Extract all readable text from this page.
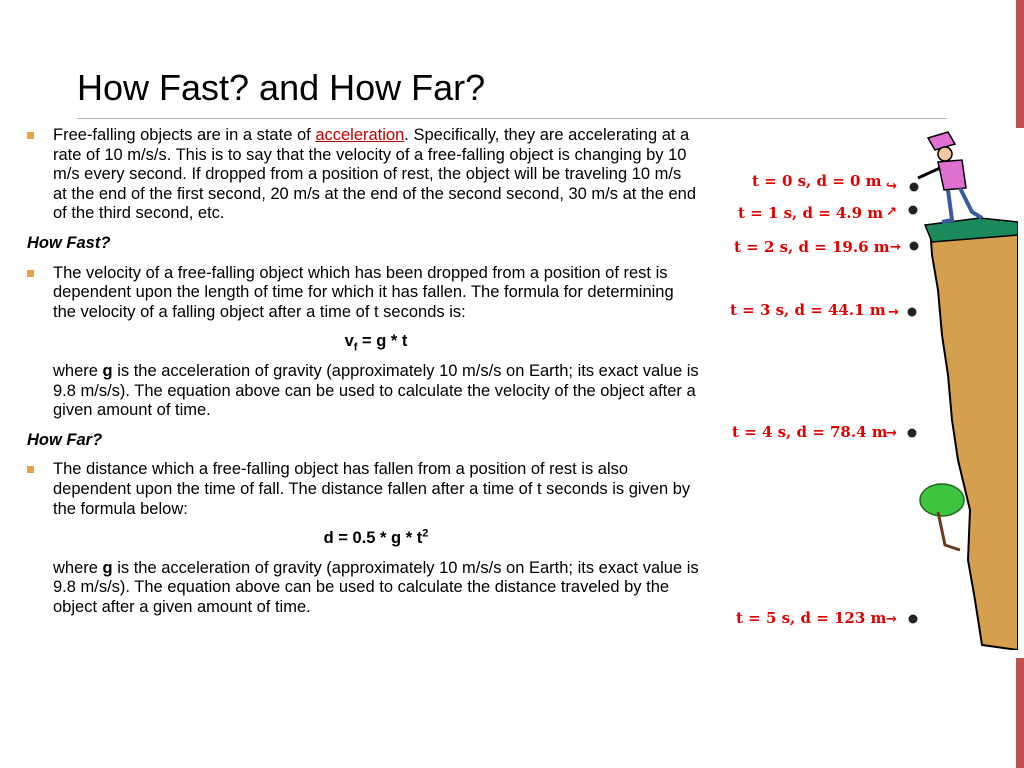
How Fast? and How Far?
Free-falling objects are in a state of acceleration. Specifically, they are accelerating at a rate of 10 m/s/s. This is to say that the velocity of a free-falling object is changing by 10 m/s every second. If dropped from a position of rest, the object will be traveling 10 m/s at the end of the first second, 20 m/s at the end of the second second, 30 m/s at the end of the third second, etc.
How Fast?
The velocity of a free-falling object which has been dropped from a position of rest is dependent upon the length of time for which it has fallen. The formula for determining the velocity of a falling object after a time of t seconds is:
$v_f = g * t$
where g is the acceleration of gravity (approximately 10 m/s/s on Earth; its exact value is 9.8 m/s/s). The equation above can be used to calculate the velocity of the object after a given amount of time.
How Far?
The distance which a free-falling object has fallen from a position of rest is also dependent upon the time of fall. The distance fallen after a time of t seconds is given by the formula below:
$d = 0.5 * g * t^2$
where g is the acceleration of gravity (approximately 10 m/s/s on Earth; its exact value is 9.8 m/s/s). The equation above can be used to calculate the distance traveled by the object after a given amount of time.
t = 0 s, d = 0 m ↪
t = 1 s, d = 4.9 m ↗
t = 2 s, d = 19.6 m →
t = 3 s, d = 44.1 m →
t = 4 s, d = 78.4 m
→
t = 5 s, d = 123 m →
